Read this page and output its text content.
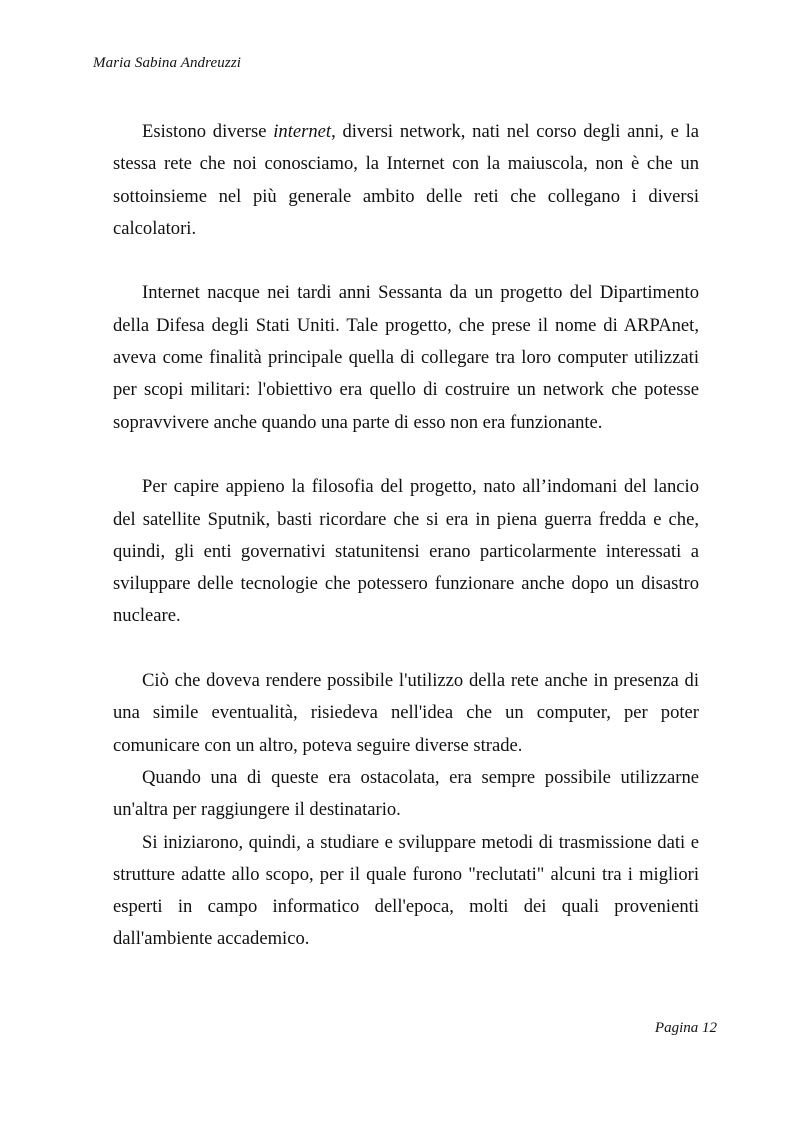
Maria Sabina Andreuzzi

Esistono diverse internet, diversi network, nati nel corso degli anni, e la stessa rete che noi conosciamo, la Internet con la maiuscola, non è che un sottoinsieme nel più generale ambito delle reti che collegano i diversi calcolatori.

Internet nacque nei tardi anni Sessanta da un progetto del Dipartimento della Difesa degli Stati Uniti. Tale progetto, che prese il nome di ARPAnet, aveva come finalità principale quella di collegare tra loro computer utilizzati per scopi militari: l'obiettivo era quello di costruire un network che potesse sopravvivere anche quando una parte di esso non era funzionante.

Per capire appieno la filosofia del progetto, nato all’indomani del lancio del satellite Sputnik, basti ricordare che si era in piena guerra fredda e che, quindi, gli enti governativi statunitensi erano particolarmente interessati a sviluppare delle tecnologie che potessero funzionare anche dopo un disastro nucleare.

Ciò che doveva rendere possibile l'utilizzo della rete anche in presenza di una simile eventualità, risiedeva nell'idea che un computer, per poter comunicare con un altro, poteva seguire diverse strade.

Quando una di queste era ostacolata, era sempre possibile utilizzarne un'altra per raggiungere il destinatario.

Si iniziarono, quindi, a studiare e sviluppare metodi di trasmissione dati e strutture adatte allo scopo, per il quale furono "reclutati" alcuni tra i migliori esperti in campo informatico dell'epoca, molti dei quali provenienti dall'ambiente accademico.

Pagina 12
